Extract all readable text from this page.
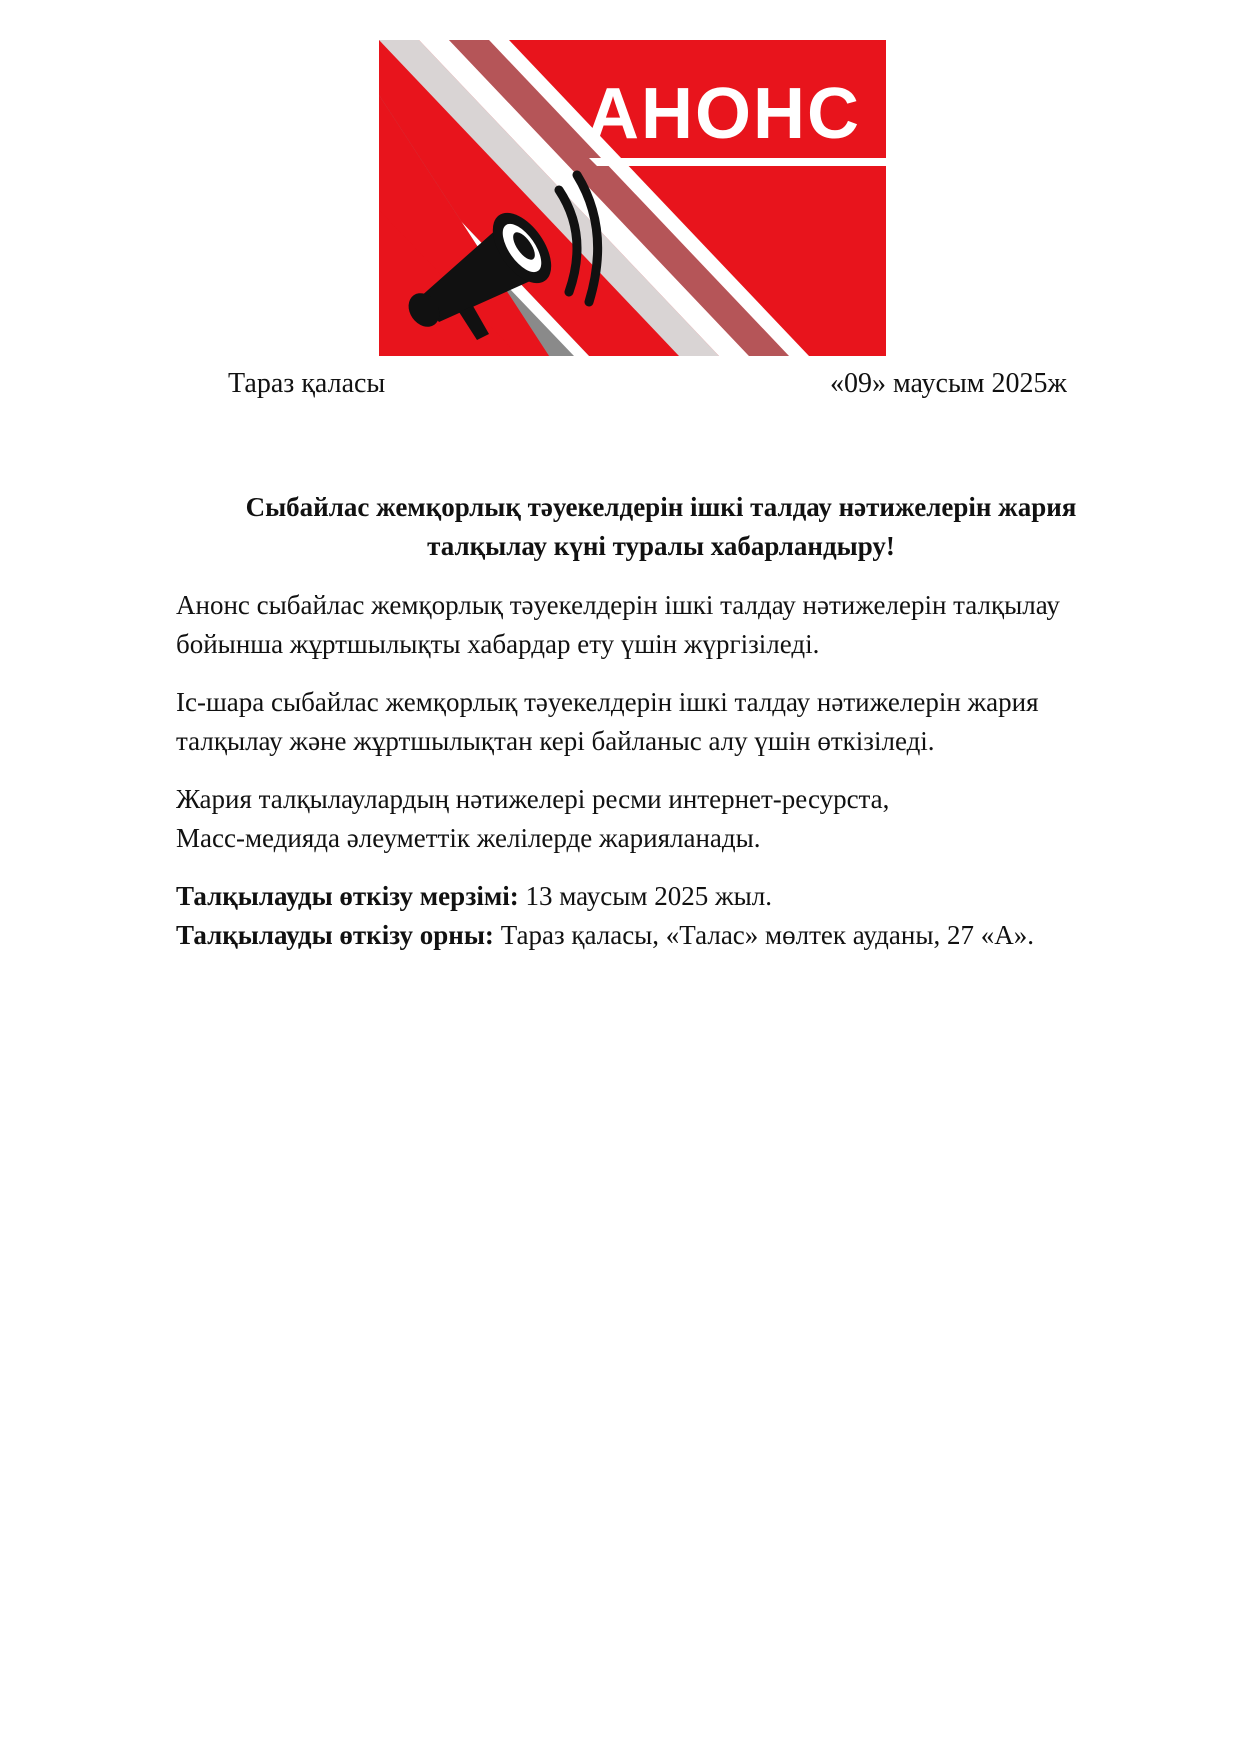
АНОНС
Тараз қаласы	«09» маусым 2025ж
Сыбайлас жемқорлық тәуекелдерін ішкі талдау нәтижелерін жария
талқылау күні туралы хабарландыру!

Анонс сыбайлас жемқорлық тәуекелдерін ішкі талдау нәтижелерін талқылау
бойынша жұртшылықты хабардар ету үшін жүргізіледі.

Іс-шара сыбайлас жемқорлық тәуекелдерін ішкі талдау нәтижелерін жария
талқылау және жұртшылықтан кері байланыс алу үшін өткізіледі.

Жария талқылаулардың нәтижелері ресми интернет-ресурста,
Масс-медияда әлеуметтік желілерде жарияланады.

Талқылауды өткізу мерзімі: 13 маусым 2025 жыл.
Талқылауды өткізу орны: Тараз қаласы, «Талас» мөлтек ауданы, 27 «А».
